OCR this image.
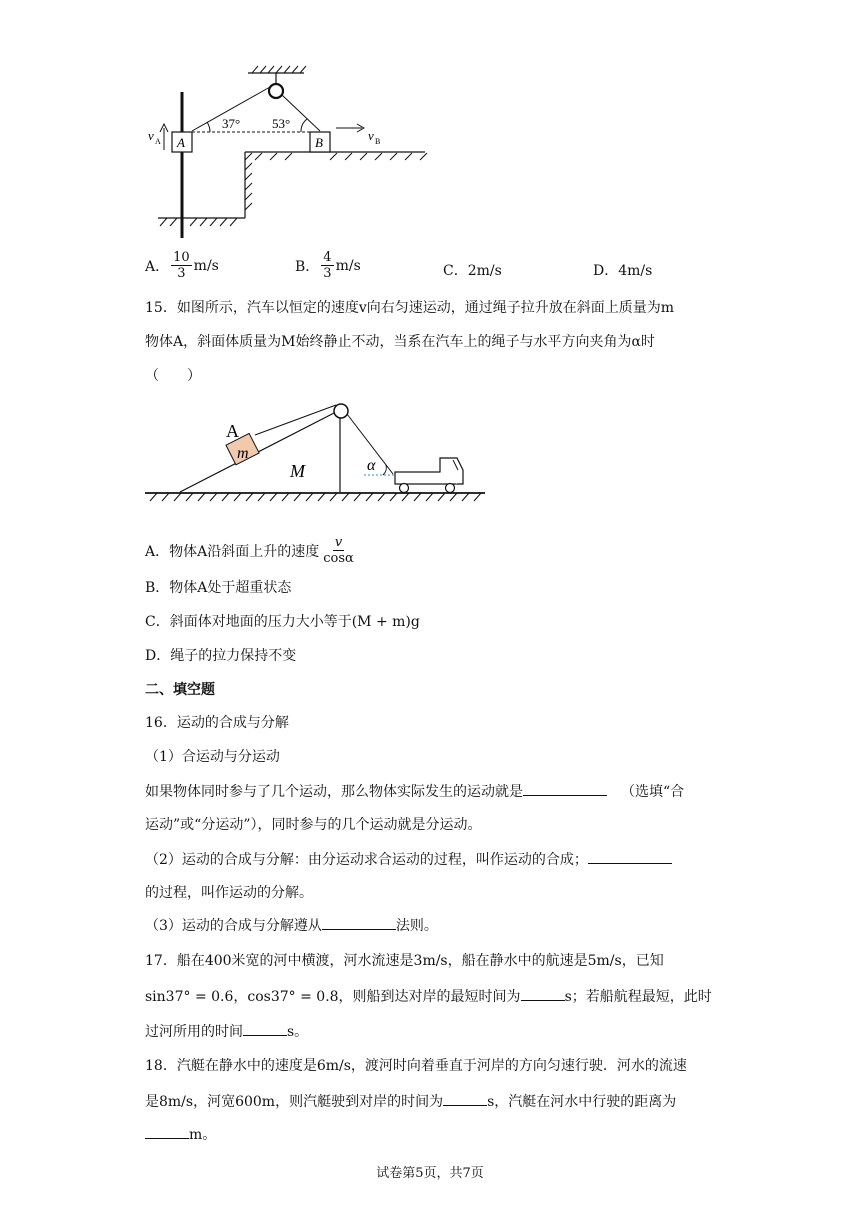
37° 53°
A	B
v A	v B
A． $\frac{10}{3} m/s$	B． $\frac{4}{3} m/s$	C．2m/s	D．4m/s
15．如图所示，汽车以恒定的速度v向右匀速运动，通过绳子拉升放在斜面上质量为m
物体A，斜面体质量为M始终静止不动，当系在汽车上的绳子与水平方向夹角为α时
（　　）
A
m
M	α
A．物体A沿斜面上升的速度 $\frac{v}{\cos\alpha}$
B．物体A处于超重状态
C．斜面体对地面的压力大小等于(M + m)g
D．绳子的拉力保持不变
二、填空题
16．运动的合成与分解
（1）合运动与分运动
如果物体同时参与了几个运动，那么物体实际发生的运动就是	（选填“合
运动”或“分运动”），同时参与的几个运动就是分运动。
（2）运动的合成与分解：由分运动求合运动的过程，叫作运动的合成；
的过程，叫作运动的分解。
（3）运动的合成与分解遵从	法则。
17．船在400米宽的河中横渡，河水流速是3m/s，船在静水中的航速是5m/s，已知
sin37° = 0.6，cos37° = 0.8，则船到达对岸的最短时间为	s；若船航程最短，此时
过河所用的时间	s。
18．汽艇在静水中的速度是6m/s，渡河时向着垂直于河岸的方向匀速行驶．河水的流速
是8m/s，河宽600m，则汽艇驶到对岸的时间为	s，汽艇在河水中行驶的距离为
m。
试卷第5页，共7页
